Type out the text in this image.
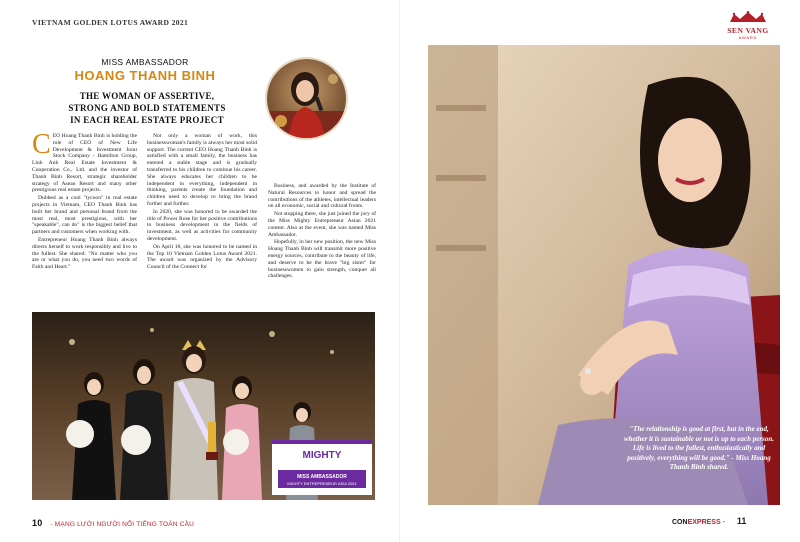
VIETNAM GOLDEN LOTUS AWARD 2021
MISS AMBASSADOR
HOANG THANH BINH
THE WOMAN OF ASSERTIVE, STRONG AND BOLD STATEMENTS IN EACH REAL ESTATE PROJECT
C EO Hoang Thanh Binh is holding the role of CEO of New Life Development & Investment Joint Stock Company - Hamilton Group, Linh Anh Real Estate Investment & Cooperation Co., Ltd. and the investor of Thanh Binh Resort, strategic shareholder strategy of Asean Resort and many other prestigious real estate projects.

Dubbed as a cool "tycoon" in real estate projects in Vietnam, CEO Thanh Binh has built her brand and personal brand from the most real, most prestigious, with her "speakable", can do" is the biggest belief that partners and customers when working with.

Entrepreneur Hoang Thanh Binh always directs herself to work responsibly and live to the fullest. She shared: "No matter who you are or what you do, you need two words of Faith and Heart."

Not only a woman of work, this businesswoman's family is always her most solid support. The current CEO Hoang Thanh Binh is satisfied with a small family, the business has entered a stable stage and is gradually transferred to his children to continue his career. She always educates her children to be independent in everything, independent in thinking, parents create the foundation and children need to develop to bring the brand further and further.

In 2020, she was honored to be awarded the title of Power Rose for her positive contributions to business development in the fields of investment, as well as activities for community development.

On April 18, she was honored to be named in the Top 10 Vietnam Golden Lotus Award 2021. The award was organized by the Advisory Council of the Connect for

Business, and awarded by the Institute of Natural Resources to honor and spread the contributions of the athletes, intellectual leaders on all economic, social and cultural fronts.

Not stopping there, she just joined the jury of the Miss Mighty Entrepreneur Asian 2021 contest. Also at the event, she was named Miss Ambassador.

Hopefully, in her new position, the new Miss Hoang Thanh Binh will transmit more positive energy sources, contribute to the beauty of life, and deserve to be the brave "big sister" for businesswomen to gain strength, conquer all challenges.

MIGHTY
MISS AMBASSADOR
MIGHTY ENTREPRENEUR ASIA 2021
10 - MẠNG LƯỚI NGƯỜI NỔI TIẾNG TOÀN CẦU
SEN VANG
AWARD
"The relationship is good at first, but in the end, whether it is sustainable or not is up to each person. Life is lived to the fullest, enthusiastically and positively, everything will be good." - Miss Hoang Thanh Binh shared.
CONEXPRESS - 11
